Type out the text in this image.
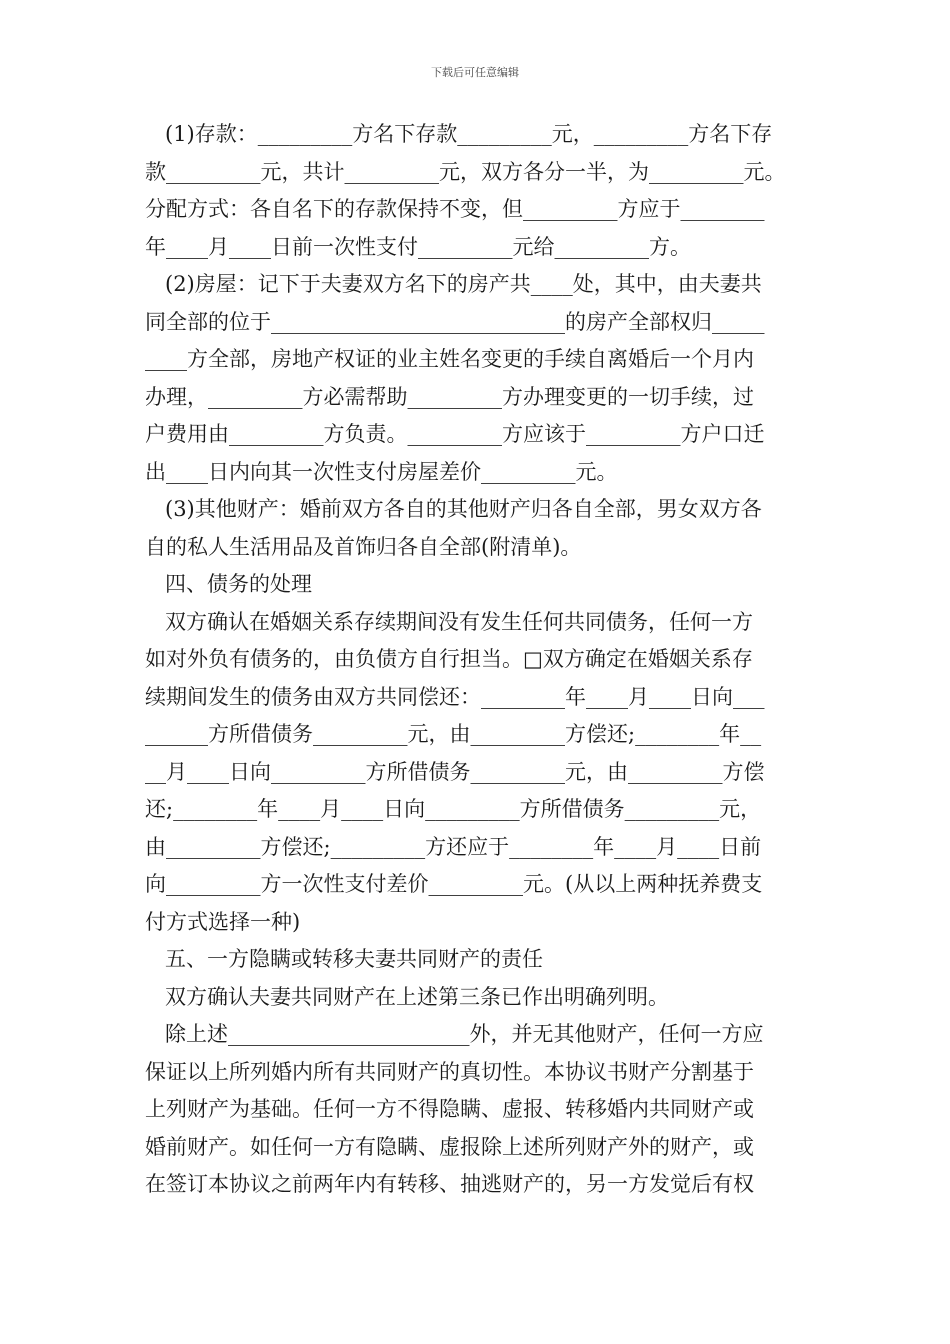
下载后可任意编辑
(1)存款：_________方名下存款_________元，_________方名下存
款_________元，共计_________元，双方各分一半，为_________元。
分配方式：各自名下的存款保持不变，但_________方应于________
年____月____日前一次性支付_________元给_________方。
(2)房屋：记下于夫妻双方名下的房产共____处，其中，由夫妻共
同全部的位于____________________________的房产全部权归_____
____方全部，房地产权证的业主姓名变更的手续自离婚后一个月内
办理，_________方必需帮助_________方办理变更的一切手续，过
户费用由_________方负责。_________方应该于_________方户口迁
出____日内向其一次性支付房屋差价_________元。
(3)其他财产：婚前双方各自的其他财产归各自全部，男女双方各
自的私人生活用品及首饰归各自全部(附清单)。
四、债务的处理
双方确认在婚姻关系存续期间没有发生任何共同债务，任何一方
如对外负有债务的，由负债方自行担当。□双方确定在婚姻关系存
续期间发生的债务由双方共同偿还：________年____月____日向___
______方所借债务_________元，由_________方偿还;________年__
__月____日向_________方所借债务_________元，由_________方偿
还;________年____月____日向_________方所借债务_________元，
由_________方偿还;_________方还应于________年____月____日前
向_________方一次性支付差价_________元。(从以上两种抚养费支
付方式选择一种)
五、一方隐瞒或转移夫妻共同财产的责任
双方确认夫妻共同财产在上述第三条已作出明确列明。
除上述_______________________外，并无其他财产，任何一方应
保证以上所列婚内所有共同财产的真切性。本协议书财产分割基于
上列财产为基础。任何一方不得隐瞒、虚报、转移婚内共同财产或
婚前财产。如任何一方有隐瞒、虚报除上述所列财产外的财产，或
在签订本协议之前两年内有转移、抽逃财产的，另一方发觉后有权
